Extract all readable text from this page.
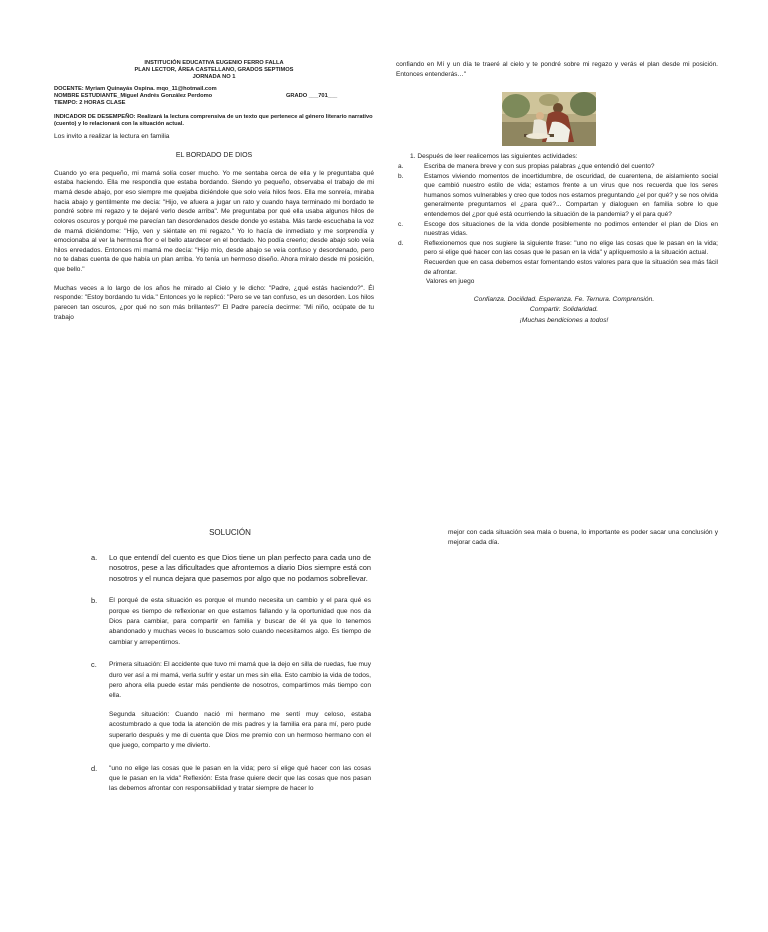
INSTITUCIÓN EDUCATIVA EUGENIO FERRO FALLA
PLAN LECTOR, ÁREA CASTELLANO, GRADOS SEPTIMOS
JORNADA NO 1
DOCENTE: Myriam Quinayás Ospina. mqo_11@hotmail.com
NOMBRE ESTUDIANTE_Miguel Andrés González Perdomo	GRADO ___701___
TIEMPO: 2 HORAS CLASE
INDICADOR DE DESEMPEÑO: Realizará la lectura comprensiva de un texto que pertenece al género literario narrativo (cuento) y lo relacionará con la situación actual.
Los invito a realizar la lectura en familia
EL BORDADO DE DIOS
Cuando yo era pequeño, mi mamá solía coser mucho. Yo me sentaba cerca de ella y le preguntaba qué estaba haciendo. Ella me respondía que estaba bordando. Siendo yo pequeño, observaba el trabajo de mi mamá desde abajo, por eso siempre me quejaba diciéndole que solo veía hilos feos. Ella me sonreía, miraba hacia abajo y gentilmente me decía: "Hijo, ve afuera a jugar un rato y cuando haya terminado mi bordado te pondré sobre mi regazo y te dejaré verlo desde arriba". Me preguntaba por qué ella usaba algunos hilos de colores oscuros y porqué me parecían tan desordenados desde donde yo estaba. Más tarde escuchaba la voz de mamá diciéndome: "Hijo, ven y siéntate en mi regazo." Yo lo hacía de inmediato y me sorprendía y emocionaba al ver la hermosa flor o el bello atardecer en el bordado. No podía creerlo; desde abajo solo veía hilos enredados. Entonces mi mamá me decía: "Hijo mío, desde abajo se veía confuso y desordenado, pero no te dabas cuenta de que había un plan arriba. Yo tenía un hermoso diseño. Ahora míralo desde mi posición, que bello."
Muchas veces a lo largo de los años he mirado al Cielo y le dicho: "Padre, ¿qué estás haciendo?". Él responde: "Estoy bordando tu vida." Entonces yo le replicó: "Pero se ve tan confuso, es un desorden. Los hilos parecen tan oscuros, ¿por qué no son más brillantes?" El Padre parecía decirme: "Mi niño, ocúpate de tu trabajo
confiando en Mí y un día te traeré al cielo y te pondré sobre mi regazo y verás el plan desde mi posición. Entonces entenderás…"
1. Después de leer realicemos las siguientes actividades:
a.	Escriba de manera breve y con sus propias palabras ¿que entendió del cuento?
b.	Estamos viviendo momentos de incertidumbre, de oscuridad, de cuarentena, de aislamiento social que cambió nuestro estilo de vida; estamos frente a un virus que nos recuerda que los seres humanos somos vulnerables y creo que todos nos estamos preguntando ¿el por qué? y se nos olvida generalmente preguntarnos el ¿para qué?... Compartan y dialoguen en familia sobre lo que entendemos del ¿por qué está ocurriendo la situación de la pandemia? y el para qué?
c.	Escoge dos situaciones de la vida donde posiblemente no podimos entender el plan de Dios en nuestras vidas.
d.	Reflexionemos que nos sugiere la siguiente frase: "uno no elige las cosas que le pasan en la vida; pero si elige qué hacer con las cosas que le pasan en la vida" y aplíquemoslo a la situación actual.
Recuerden que en casa debemos estar fomentando estos valores para que la situación sea más fácil de afrontar.
Valores en juego
Confianza. Docilidad. Esperanza. Fe. Ternura. Comprensión.
Compartir. Solidaridad.
¡Muchas bendiciones a todos!
SOLUCIÓN
a. Lo que entendí del cuento es que Dios tiene un plan perfecto para cada uno de nosotros, pese a las dificultades que afrontemos a diario Dios siempre está con nosotros y el nunca dejara que pasemos por algo que no podamos sobrellevar.
b. El porqué de esta situación es porque el mundo necesita un cambio y el para qué es porque es tiempo de reflexionar en que estamos fallando y la oportunidad que nos da Dios para cambiar, para compartir en familia y buscar de él ya que lo tenemos abandonado y muchas veces lo buscamos solo cuando necesitamos algo. Es tiempo de cambiar y arrepentirnos.
c. Primera situación: El accidente que tuvo mi mamá que la dejo en silla de ruedas, fue muy duro ver así a mi mamá, verla sufrir y estar un mes sin ella. Esto cambio la vida de todos, pero ahora ella puede estar más pendiente de nosotros, compartimos más tiempo con ella.
Segunda situación: Cuando nació mi hermano me sentí muy celoso, estaba acostumbrado a que toda la atención de mis padres y la familia era para mí, pero pude superarlo después y me di cuenta que Dios me premio con un hermoso hermano con el que juego, comparto y me divierto.
d. "uno no elige las cosas que le pasan en la vida; pero sí elige qué hacer con las cosas que le pasan en la vida" Reflexión: Esta frase quiere decir que las cosas que nos pasan las debemos afrontar con responsabilidad y tratar siempre de hacer lo
mejor con cada situación sea mala o buena, lo importante es poder sacar una conclusión y mejorar cada día.
